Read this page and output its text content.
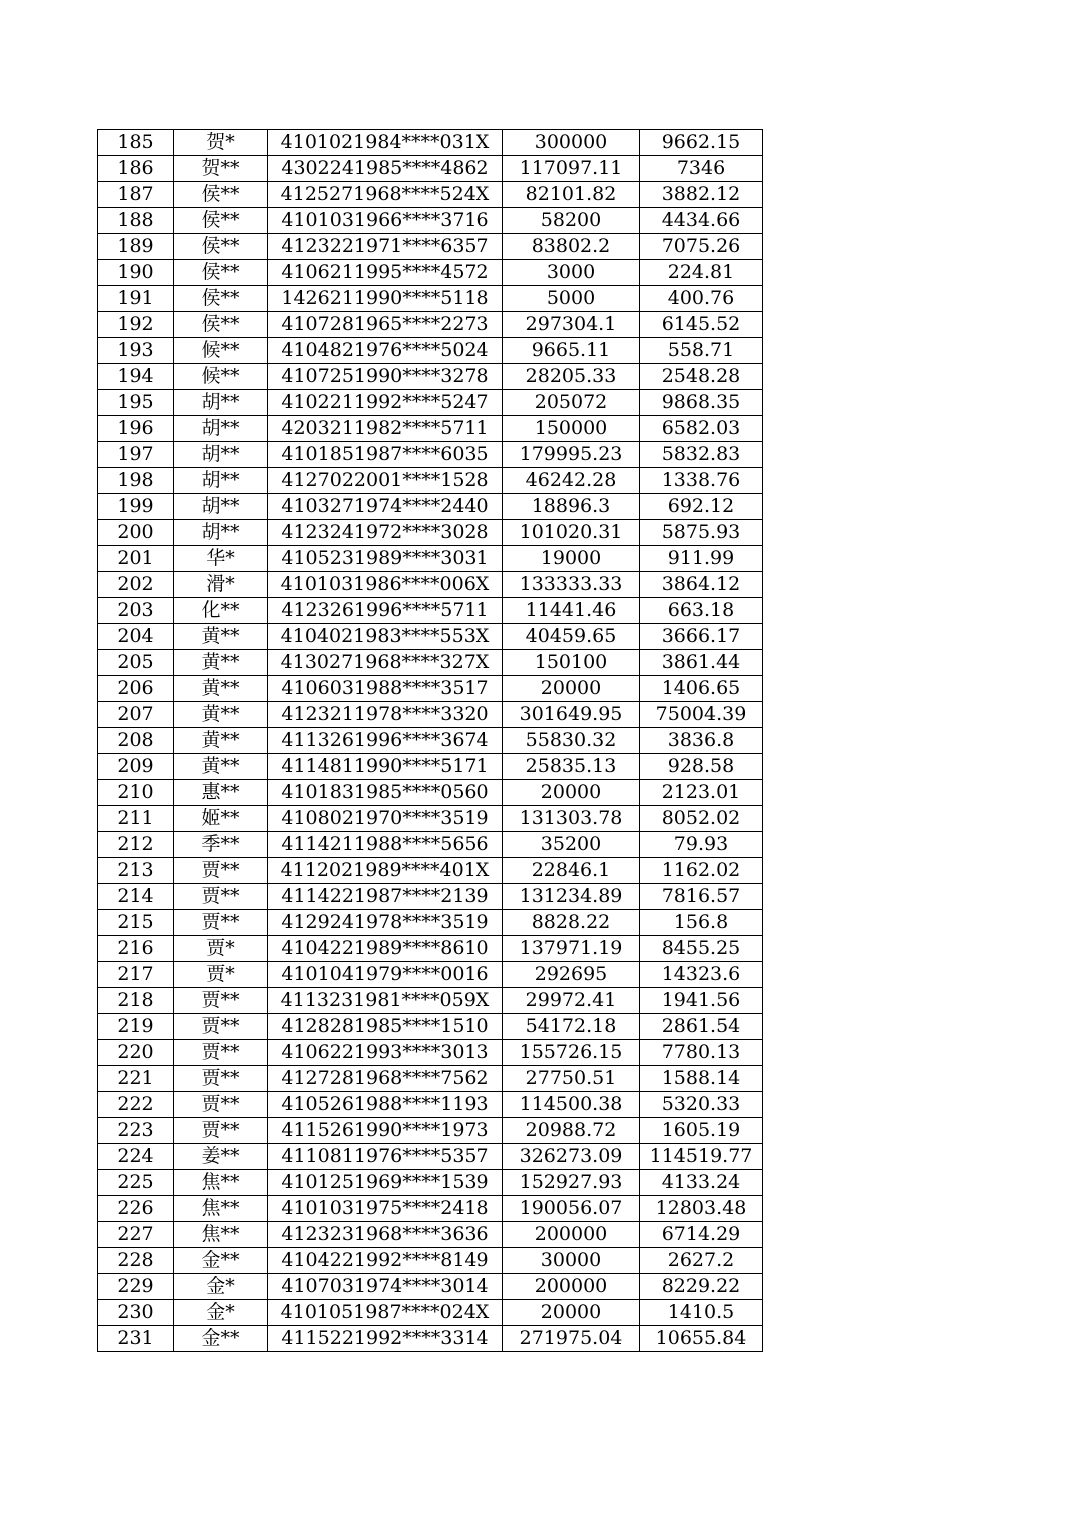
185	贺*	4101021984****031X	300000	9662.15
186	贺**	4302241985****4862	117097.11	7346
187	侯**	4125271968****524X	82101.82	3882.12
188	侯**	4101031966****3716	58200	4434.66
189	侯**	4123221971****6357	83802.2	7075.26
190	侯**	4106211995****4572	3000	224.81
191	侯**	1426211990****5118	5000	400.76
192	侯**	4107281965****2273	297304.1	6145.52
193	候**	4104821976****5024	9665.11	558.71
194	候**	4107251990****3278	28205.33	2548.28
195	胡**	4102211992****5247	205072	9868.35
196	胡**	4203211982****5711	150000	6582.03
197	胡**	4101851987****6035	179995.23	5832.83
198	胡**	4127022001****1528	46242.28	1338.76
199	胡**	4103271974****2440	18896.3	692.12
200	胡**	4123241972****3028	101020.31	5875.93
201	华*	4105231989****3031	19000	911.99
202	滑*	4101031986****006X	133333.33	3864.12
203	化**	4123261996****5711	11441.46	663.18
204	黄**	4104021983****553X	40459.65	3666.17
205	黄**	4130271968****327X	150100	3861.44
206	黄**	4106031988****3517	20000	1406.65
207	黄**	4123211978****3320	301649.95	75004.39
208	黄**	4113261996****3674	55830.32	3836.8
209	黄**	4114811990****5171	25835.13	928.58
210	惠**	4101831985****0560	20000	2123.01
211	姬**	4108021970****3519	131303.78	8052.02
212	季**	4114211988****5656	35200	79.93
213	贾**	4112021989****401X	22846.1	1162.02
214	贾**	4114221987****2139	131234.89	7816.57
215	贾**	4129241978****3519	8828.22	156.8
216	贾*	4104221989****8610	137971.19	8455.25
217	贾*	4101041979****0016	292695	14323.6
218	贾**	4113231981****059X	29972.41	1941.56
219	贾**	4128281985****1510	54172.18	2861.54
220	贾**	4106221993****3013	155726.15	7780.13
221	贾**	4127281968****7562	27750.51	1588.14
222	贾**	4105261988****1193	114500.38	5320.33
223	贾**	4115261990****1973	20988.72	1605.19
224	姜**	4110811976****5357	326273.09	114519.77
225	焦**	4101251969****1539	152927.93	4133.24
226	焦**	4101031975****2418	190056.07	12803.48
227	焦**	4123231968****3636	200000	6714.29
228	金**	4104221992****8149	30000	2627.2
229	金*	4107031974****3014	200000	8229.22
230	金*	4101051987****024X	20000	1410.5
231	金**	4115221992****3314	271975.04	10655.84
